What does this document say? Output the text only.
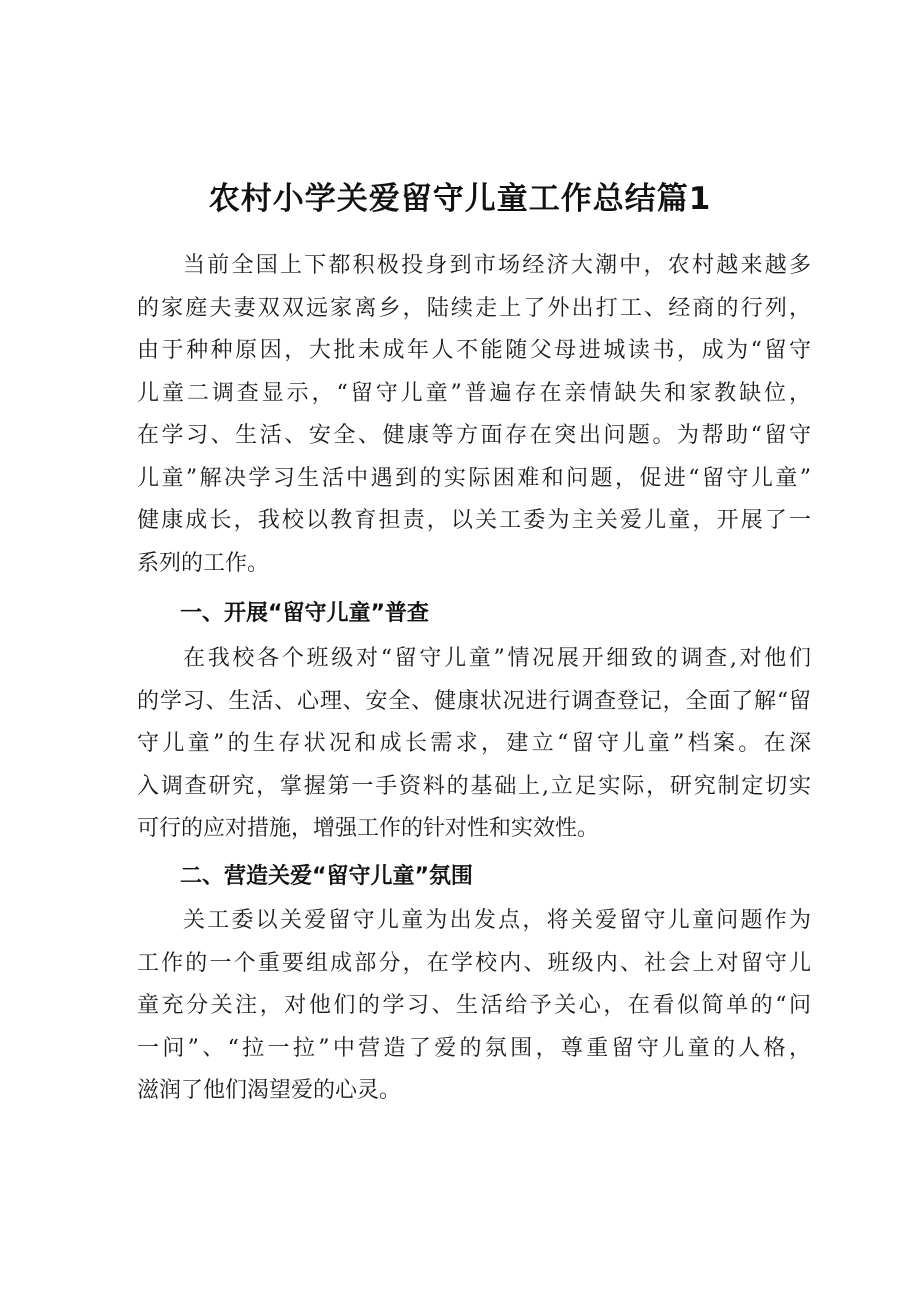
农村小学关爱留守儿童工作总结篇1

当前全国上下都积极投身到市场经济大潮中，农村越来越多
的家庭夫妻双双远家离乡，陆续走上了外出打工、经商的行列，
由于种种原因，大批未成年人不能随父母进城读书，成为“留守
儿童二调查显示，“留守儿童”普遍存在亲情缺失和家教缺位，
在学习、生活、安全、健康等方面存在突出问题。为帮助“留守
儿童”解决学习生活中遇到的实际困难和问题，促进“留守儿童”
健康成长，我校以教育担责，以关工委为主关爱儿童，开展了一
系列的工作。

一、开展“留守儿童”普查

在我校各个班级对“留守儿童”情况展开细致的调查,对他们
的学习、生活、心理、安全、健康状况进行调查登记，全面了解“留
守儿童”的生存状况和成长需求，建立“留守儿童”档案。在深
入调查研究，掌握第一手资料的基础上,立足实际，研究制定切实
可行的应对措施，增强工作的针对性和实效性。

二、营造关爱“留守儿童”氛围

关工委以关爱留守儿童为出发点，将关爱留守儿童问题作为
工作的一个重要组成部分，在学校内、班级内、社会上对留守儿
童充分关注，对他们的学习、生活给予关心，在看似简单的“问
一问”、“拉一拉”中营造了爱的氛围，尊重留守儿童的人格，
滋润了他们渴望爱的心灵。
